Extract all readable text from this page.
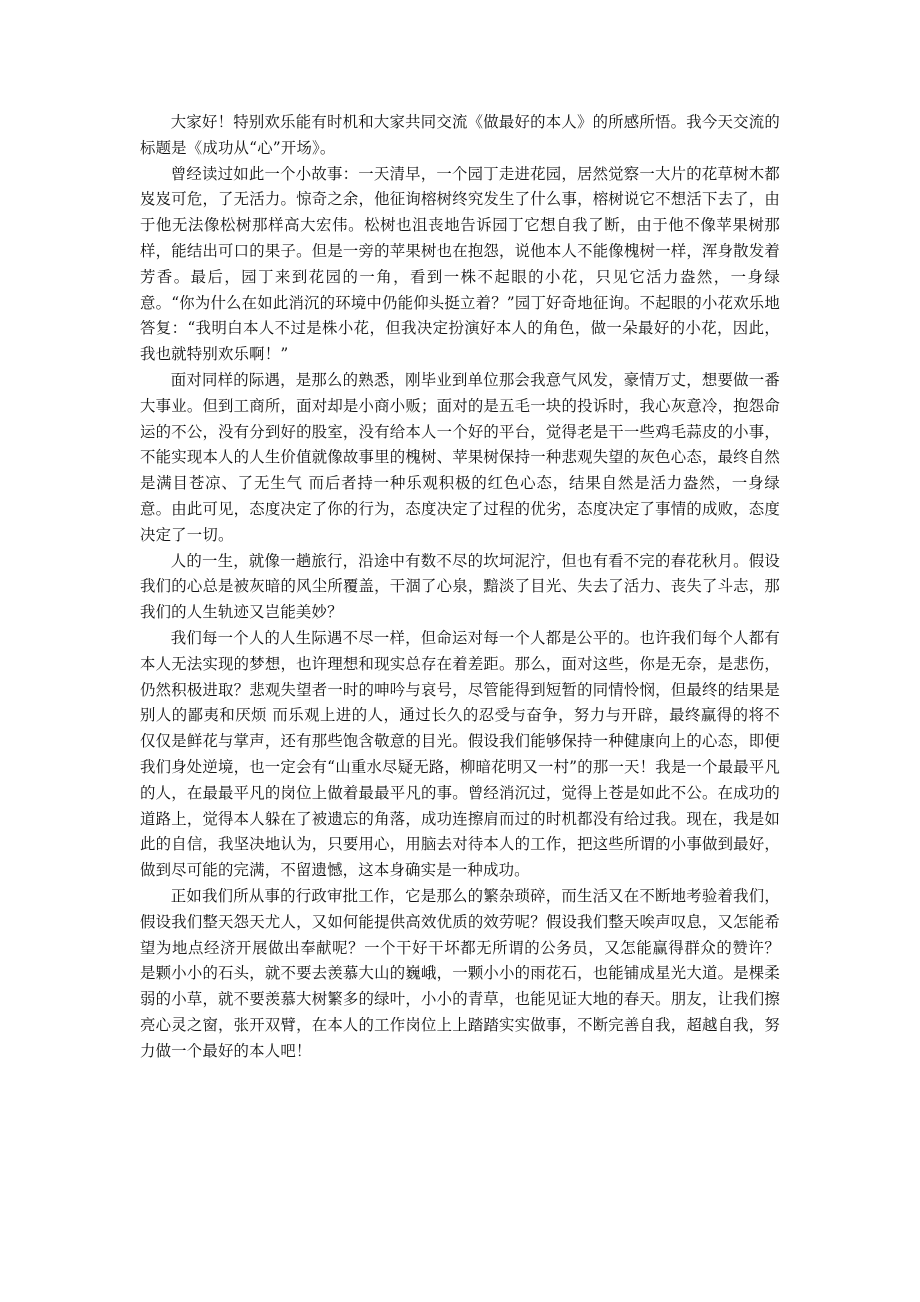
大家好！特别欢乐能有时机和大家共同交流《做最好的本人》的所感所悟。我今天交流的标题是《成功从“心”开场》。

曾经读过如此一个小故事：一天清早，一个园丁走进花园，居然觉察一大片的花草树木都岌岌可危，了无活力。惊奇之余，他征询榕树终究发生了什么事，榕树说它不想活下去了，由于他无法像松树那样高大宏伟。松树也沮丧地告诉园丁它想自我了断，由于他不像苹果树那样，能结出可口的果子。但是一旁的苹果树也在抱怨，说他本人不能像槐树一样，浑身散发着芳香。最后，园丁来到花园的一角，看到一株不起眼的小花，只见它活力盎然，一身绿意。“你为什么在如此消沉的环境中仍能仰头挺立着？”园丁好奇地征询。不起眼的小花欢乐地答复：“我明白本人不过是株小花，但我决定扮演好本人的角色，做一朵最好的小花，因此，我也就特别欢乐啊！”

面对同样的际遇，是那么的熟悉，刚毕业到单位那会我意气风发，豪情万丈，想要做一番大事业。但到工商所，面对却是小商小贩；面对的是五毛一块的投诉时，我心灰意冷，抱怨命运的不公，没有分到好的股室，没有给本人一个好的平台，觉得老是干一些鸡毛蒜皮的小事，不能实现本人的人生价值就像故事里的槐树、苹果树保持一种悲观失望的灰色心态，最终自然是满目苍凉、了无生气 而后者持一种乐观积极的红色心态，结果自然是活力盎然，一身绿意。由此可见，态度决定了你的行为，态度决定了过程的优劣，态度决定了事情的成败，态度决定了一切。

人的一生，就像一趟旅行，沿途中有数不尽的坎坷泥泞，但也有看不完的春花秋月。假设我们的心总是被灰暗的风尘所覆盖，干涸了心泉，黯淡了目光、失去了活力、丧失了斗志，那我们的人生轨迹又岂能美妙？

我们每一个人的人生际遇不尽一样，但命运对每一个人都是公平的。也许我们每个人都有本人无法实现的梦想，也许理想和现实总存在着差距。那么，面对这些，你是无奈，是悲伤，仍然积极进取？悲观失望者一时的呻吟与哀号，尽管能得到短暂的同情怜悯，但最终的结果是别人的鄙夷和厌烦 而乐观上进的人，通过长久的忍受与奋争，努力与开辟，最终赢得的将不仅仅是鲜花与掌声，还有那些饱含敬意的目光。假设我们能够保持一种健康向上的心态，即便我们身处逆境，也一定会有“山重水尽疑无路，柳暗花明又一村”的那一天！我是一个最最平凡的人，在最最平凡的岗位上做着最最平凡的事。曾经消沉过，觉得上苍是如此不公。在成功的道路上，觉得本人躲在了被遗忘的角落，成功连擦肩而过的时机都没有给过我。现在，我是如此的自信，我坚决地认为，只要用心，用脑去对待本人的工作，把这些所谓的小事做到最好，做到尽可能的完满，不留遗憾，这本身确实是一种成功。

正如我们所从事的行政审批工作，它是那么的繁杂琐碎，而生活又在不断地考验着我们，假设我们整天怨天尤人，又如何能提供高效优质的效劳呢？假设我们整天唉声叹息，又怎能希望为地点经济开展做出奉献呢？一个干好干坏都无所谓的公务员，又怎能赢得群众的赞许？ 是颗小小的石头，就不要去羡慕大山的巍峨，一颗小小的雨花石，也能铺成星光大道。是棵柔弱的小草，就不要羡慕大树繁多的绿叶，小小的青草，也能见证大地的春天。朋友，让我们擦亮心灵之窗，张开双臂，在本人的工作岗位上上踏踏实实做事，不断完善自我，超越自我，努力做一个最好的本人吧！
